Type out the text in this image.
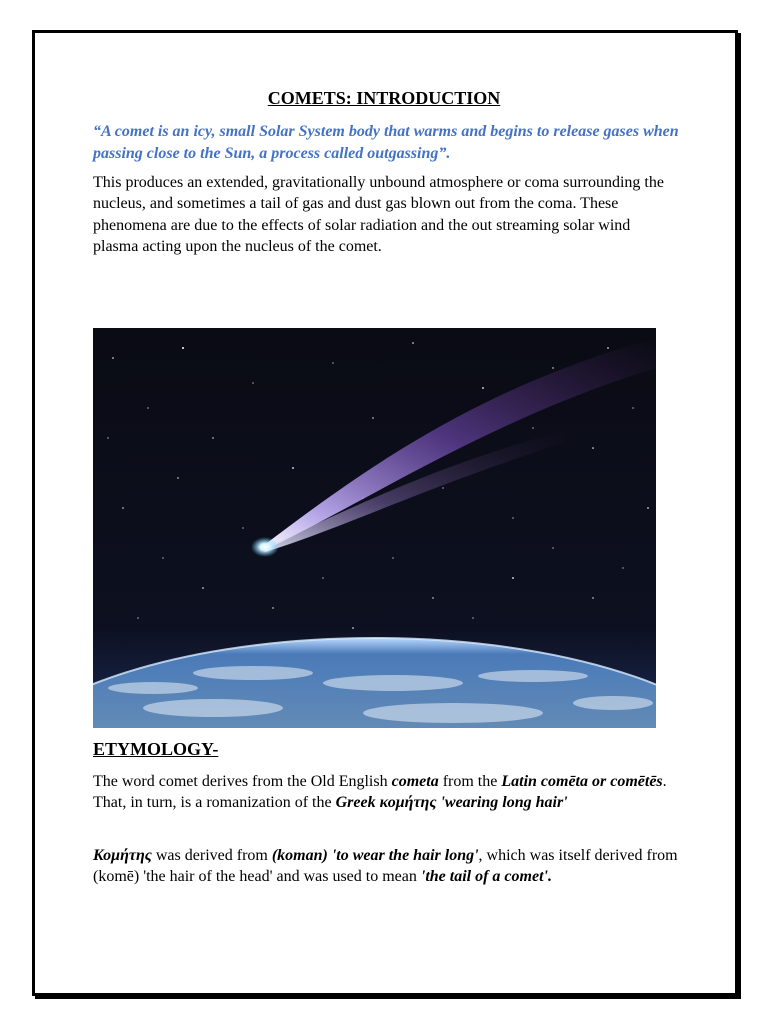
COMETS: INTRODUCTION

“A comet is an icy, small Solar System body that warms and begins to release gases when passing close to the Sun, a process called outgassing”.

This produces an extended, gravitationally unbound atmosphere or coma surrounding the nucleus, and sometimes a tail of gas and dust gas blown out from the coma. These phenomena are due to the effects of solar radiation and the out streaming solar wind plasma acting upon the nucleus of the comet.

ETYMOLOGY-

The word comet derives from the Old English cometa from the Latin comēta or comētēs. That, in turn, is a romanization of the Greek κομήτης 'wearing long hair'

Κομήτης was derived from (koman) 'to wear the hair long', which was itself derived from (komē) 'the hair of the head' and was used to mean 'the tail of a comet'.
